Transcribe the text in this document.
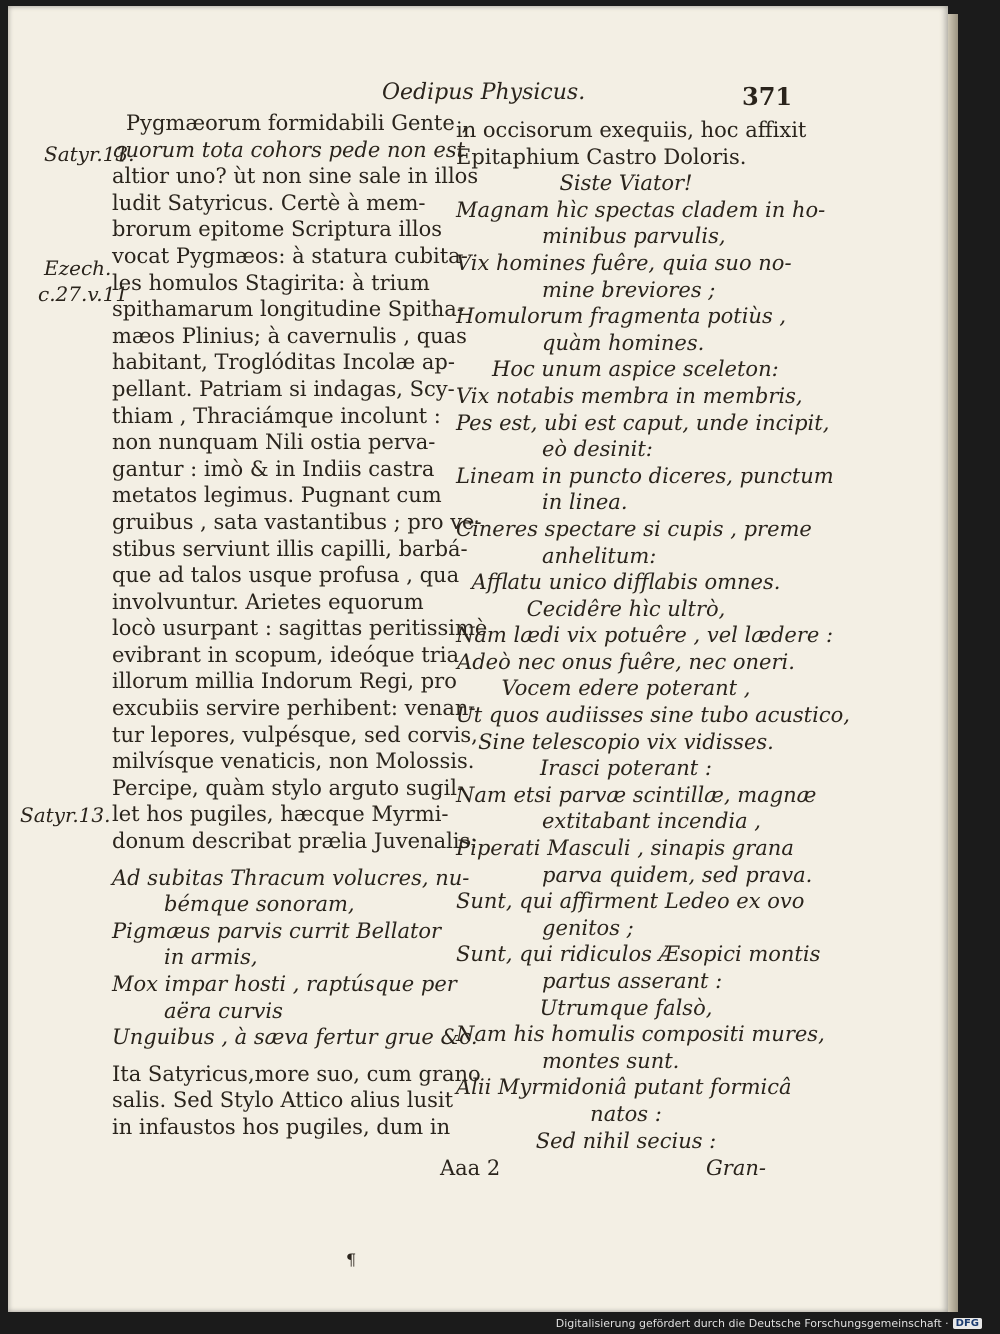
Oedipus Physicus.	371
Satyr.13.
Ezech.
c.27.v.11
Satyr.13.
Pygmæorum formidabili Gente ,
quorum tota cohors pede non est
altior uno? ùt non sine sale in illos
ludit Satyricus. Certè à mem-
brorum epitome Scriptura illos
vocat Pygmæos: à statura cubita-
les homulos Stagirita: à trium
spithamarum longitudine Spitha-
mæos Plinius; à cavernulis , quas
habitant, Troglóditas Incolæ ap-
pellant. Patriam si indagas, Scy-
thiam , Thraciámque incolunt :
non nunquam Nili ostia perva-
gantur : imò & in Indiis castra
metatos legimus. Pugnant cum
gruibus , sata vastantibus ; pro ve-
stibus serviunt illis capilli, barbá-
que ad talos usque profusa , qua
involvuntur. Arietes equorum
locò usurpant : sagittas peritissimè
evibrant in scopum, ideóque tria
illorum millia Indorum Regi, pro
excubiis servire perhibent: venan-
tur lepores, vulpésque, sed corvis,
milvísque venaticis, non Molossis.
Percipe, quàm stylo arguto sugil-
let hos pugiles, hæcque Myrmi-
donum describat prælia Juvenalis:
Ad subitas Thracum volucres, nu-
bémque sonoram,
Pigmæus parvis currit Bellator
in armis,
Mox impar hosti , raptúsque per
aëra curvis
Unguibus , à sæva fertur grue &c.
Ita Satyricus,more suo, cum grano
salis. Sed Stylo Attico alius lusit
in infaustos hos pugiles, dum in
in occisorum exequiis, hoc affixit
Epitaphium Castro Doloris.
Siste Viator!
Magnam hìc spectas cladem in ho-
minibus parvulis,
Vix homines fuêre, quia suo no-
mine breviores ;
Homulorum fragmenta potiùs ,
quàm homines.
Hoc unum aspice sceleton:
Vix notabis membra in membris,
Pes est, ubi est caput, unde incipit,
eò desinit:
Lineam in puncto diceres, punctum
in linea.
Cineres spectare si cupis , preme
anhelitum:
Afflatu unico difflabis omnes.
Cecidêre hìc ultrò,
Nam lædi vix potuêre , vel lædere :
Adeò nec onus fuêre, nec oneri.
Vocem edere poterant ,
Ut quos audiisses sine tubo acustico,
Sine telescopio vix vidisses.
Irasci poterant :
Nam etsi parvæ scintillæ, magnæ
extitabant incendia ,
Piperati Masculi , sinapis grana
parva quidem, sed prava.
Sunt, qui affirment Ledeo ex ovo
genitos ;
Sunt, qui ridiculos Æsopici montis
partus asserant :
Utrumque falsò,
Nam his homulis compositi mures,
montes sunt.
Alii Myrmidoniâ putant formicâ
natos :
Sed nihil secius :
Aaa 2	Gran-
¶
Digitalisierung gefördert durch die Deutsche Forschungsgemeinschaft · DFG
